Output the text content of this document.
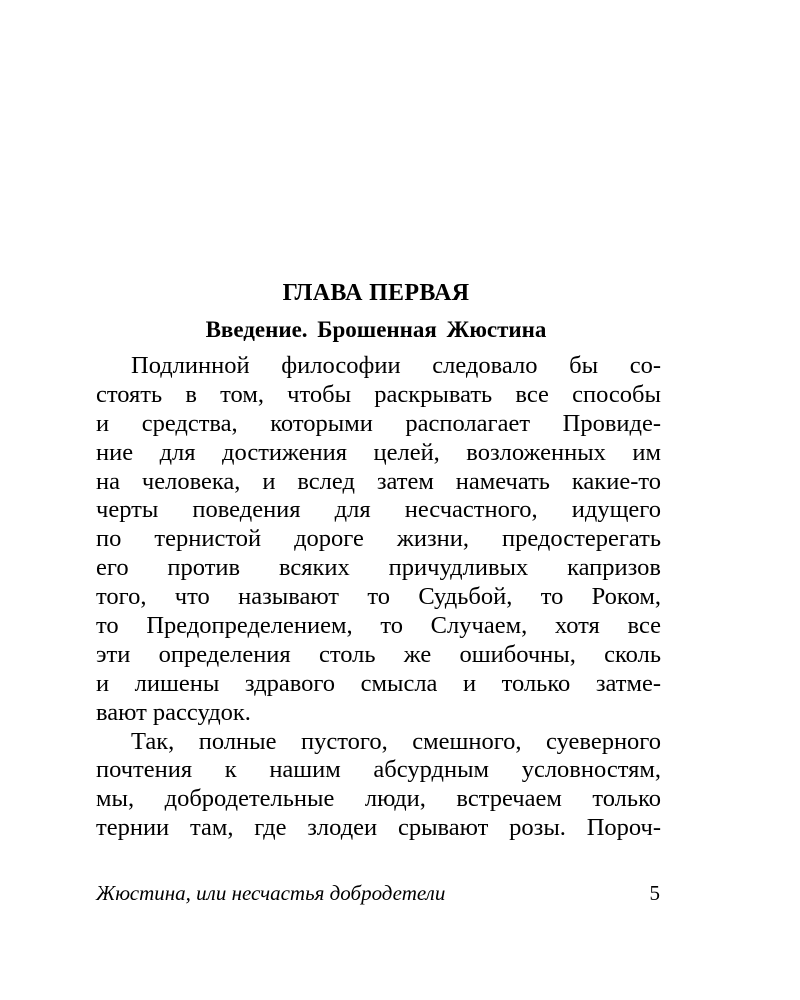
ГЛАВА ПЕРВАЯ
Введение. Брошенная Жюстина
Подлинной философии следовало бы со-
стоять в том, чтобы раскрывать все способы
и средства, которыми располагает Провиде-
ние для достижения целей, возложенных им
на человека, и вслед затем намечать какие-то
черты поведения для несчастного, идущего
по тернистой дороге жизни, предостерегать
его против всяких причудливых капризов
того, что называют то Судьбой, то Роком,
то Предопределением, то Случаем, хотя все
эти определения столь же ошибочны, сколь
и лишены здравого смысла и только затме-
вают рассудок.
Так, полные пустого, смешного, суеверного
почтения к нашим абсурдным условностям,
мы, добродетельные люди, встречаем только
тернии там, где злодеи срывают розы. Пороч-
Жюстина, или несчастья добродетели	5
